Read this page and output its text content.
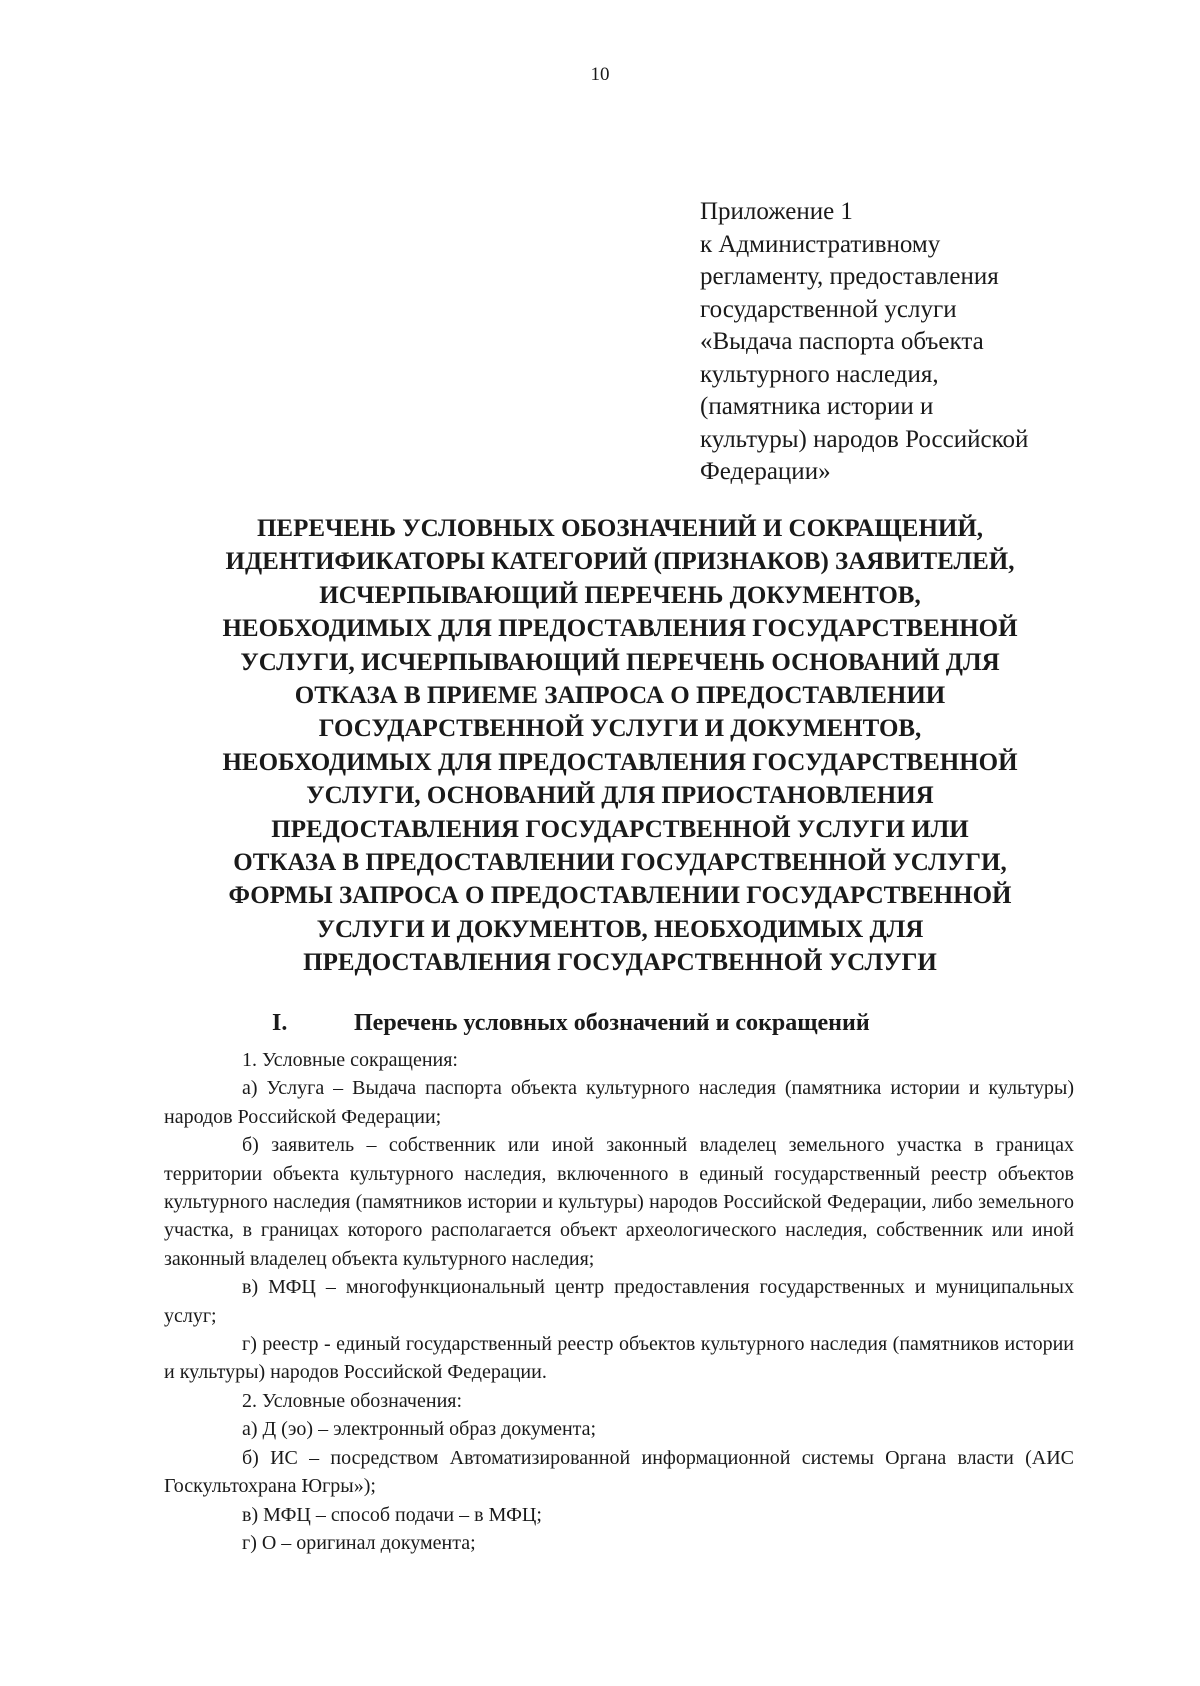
10
Приложение 1
к Административному
регламенту, предоставления
государственной услуги
«Выдача паспорта объекта
культурного наследия,
(памятника истории и
культуры) народов Российской
Федерации»
ПЕРЕЧЕНЬ УСЛОВНЫХ ОБОЗНАЧЕНИЙ И СОКРАЩЕНИЙ,
ИДЕНТИФИКАТОРЫ КАТЕГОРИЙ (ПРИЗНАКОВ) ЗАЯВИТЕЛЕЙ,
ИСЧЕРПЫВАЮЩИЙ ПЕРЕЧЕНЬ ДОКУМЕНТОВ,
НЕОБХОДИМЫХ ДЛЯ ПРЕДОСТАВЛЕНИЯ ГОСУДАРСТВЕННОЙ
УСЛУГИ, ИСЧЕРПЫВАЮЩИЙ ПЕРЕЧЕНЬ ОСНОВАНИЙ ДЛЯ
ОТКАЗА В ПРИЕМЕ ЗАПРОСА О ПРЕДОСТАВЛЕНИИ
ГОСУДАРСТВЕННОЙ УСЛУГИ И ДОКУМЕНТОВ,
НЕОБХОДИМЫХ ДЛЯ ПРЕДОСТАВЛЕНИЯ ГОСУДАРСТВЕННОЙ
УСЛУГИ, ОСНОВАНИЙ ДЛЯ ПРИОСТАНОВЛЕНИЯ
ПРЕДОСТАВЛЕНИЯ ГОСУДАРСТВЕННОЙ УСЛУГИ ИЛИ
ОТКАЗА В ПРЕДОСТАВЛЕНИИ ГОСУДАРСТВЕННОЙ УСЛУГИ,
ФОРМЫ ЗАПРОСА О ПРЕДОСТАВЛЕНИИ ГОСУДАРСТВЕННОЙ
УСЛУГИ И ДОКУМЕНТОВ, НЕОБХОДИМЫХ ДЛЯ
ПРЕДОСТАВЛЕНИЯ ГОСУДАРСТВЕННОЙ УСЛУГИ
I.	Перечень условных обозначений и сокращений

1. Условные сокращения:

а) Услуга – Выдача паспорта объекта культурного наследия (памятника истории и культуры) народов Российской Федерации;

б) заявитель – собственник или иной законный владелец земельного участка в границах территории объекта культурного наследия, включенного в единый государственный реестр объектов культурного наследия (памятников истории и культуры) народов Российской Федерации, либо земельного участка, в границах которого располагается объект археологического наследия, собственник или иной законный владелец объекта культурного наследия;

в) МФЦ – многофункциональный центр предоставления государственных и муниципальных услуг;

г) реестр - единый государственный реестр объектов культурного наследия (памятников истории и культуры) народов Российской Федерации.

2. Условные обозначения:

а) Д (эо) – электронный образ документа;

б) ИС – посредством Автоматизированной информационной системы Органа власти (АИС Госкультохрана Югры»);

в) МФЦ – способ подачи – в МФЦ;

г) О – оригинал документа;
